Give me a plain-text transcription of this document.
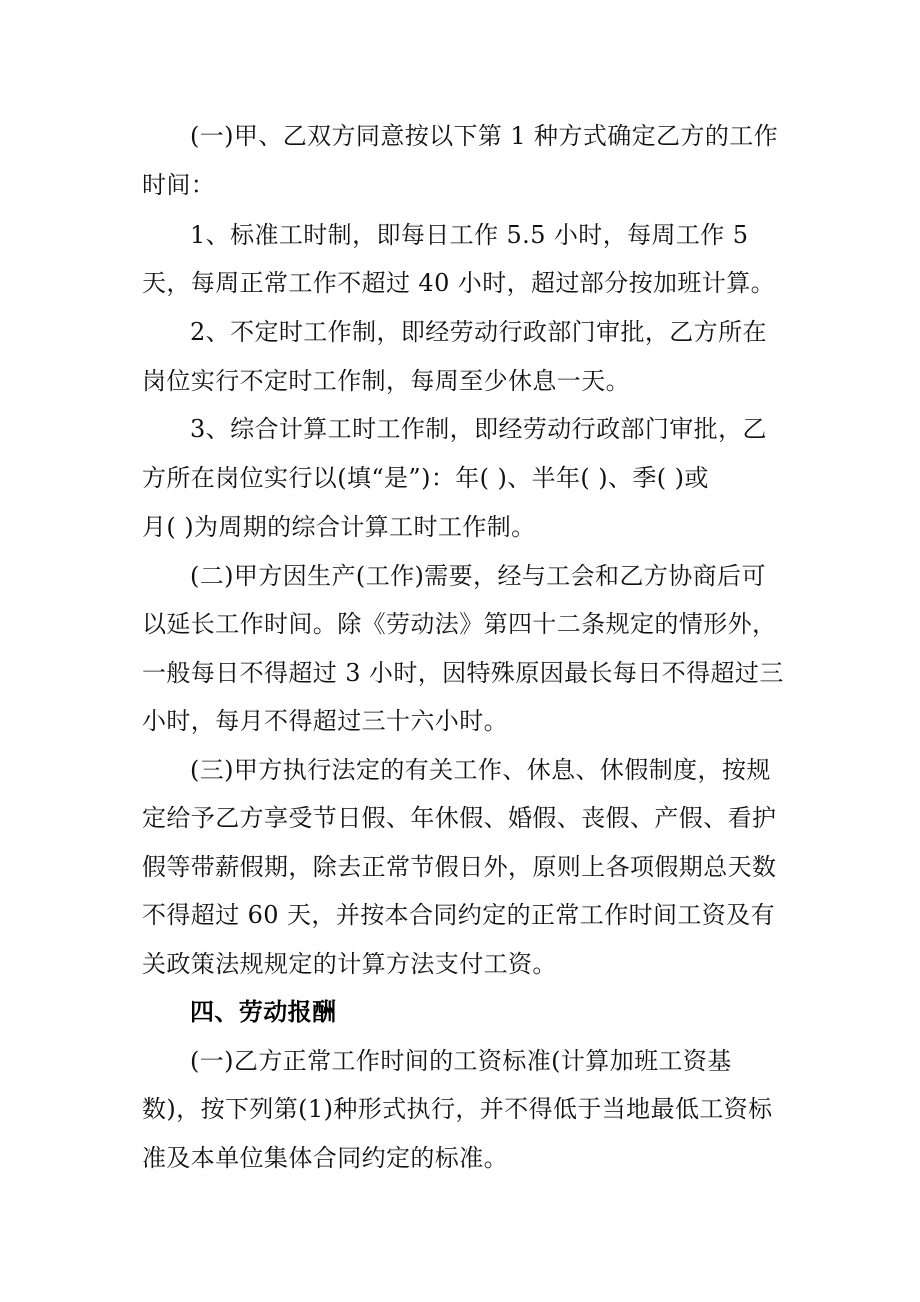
(一)甲、乙双方同意按以下第 1 种方式确定乙方的工作
时间：
1、标准工时制，即每日工作 5.5 小时，每周工作 5
天，每周正常工作不超过 40 小时，超过部分按加班计算。
2、不定时工作制，即经劳动行政部门审批，乙方所在
岗位实行不定时工作制，每周至少休息一天。
3、综合计算工时工作制，即经劳动行政部门审批，乙
方所在岗位实行以(填“是”)：年( )、半年( )、季( )或
月( )为周期的综合计算工时工作制。
(二)甲方因生产(工作)需要，经与工会和乙方协商后可
以延长工作时间。除《劳动法》第四十二条规定的情形外，
一般每日不得超过 3 小时，因特殊原因最长每日不得超过三
小时，每月不得超过三十六小时。
(三)甲方执行法定的有关工作、休息、休假制度，按规
定给予乙方享受节日假、年休假、婚假、丧假、产假、看护
假等带薪假期，除去正常节假日外，原则上各项假期总天数
不得超过 60 天，并按本合同约定的正常工作时间工资及有
关政策法规规定的计算方法支付工资。
四、劳动报酬
(一)乙方正常工作时间的工资标准(计算加班工资基
数)，按下列第(1)种形式执行，并不得低于当地最低工资标
准及本单位集体合同约定的标准。
